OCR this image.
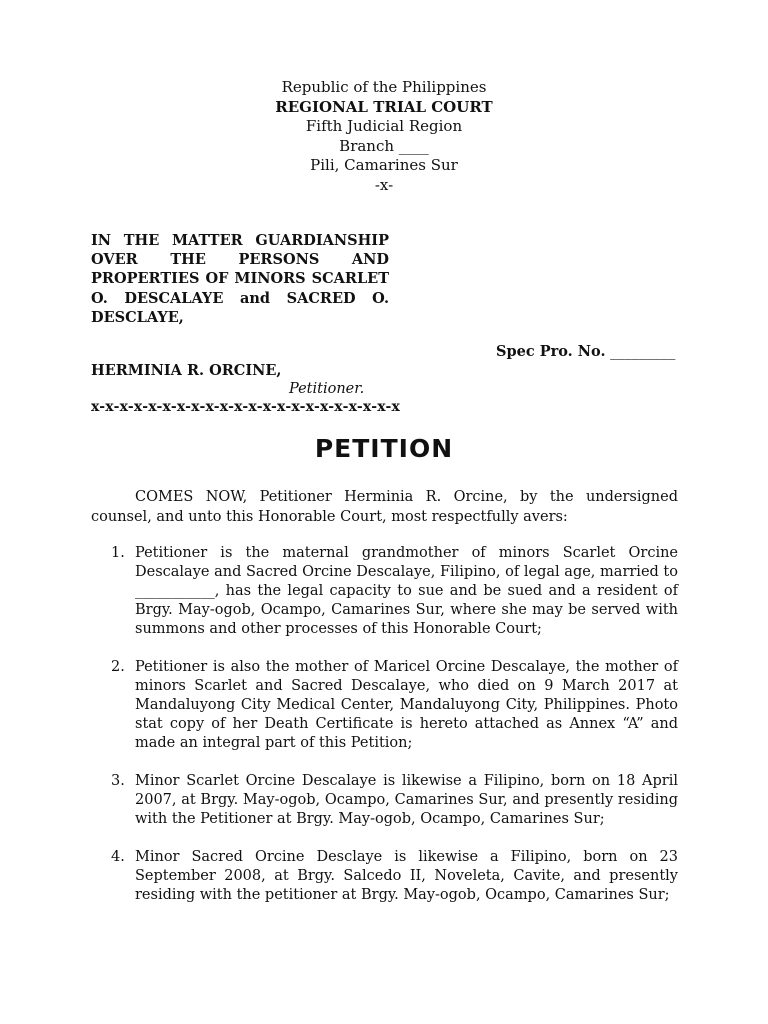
Republic of the Philippines
REGIONAL TRIAL COURT
Fifth Judicial Region
Branch ____
Pili, Camarines Sur
-x-
IN THE MATTER GUARDIANSHIP OVER THE PERSONS AND PROPERTIES OF MINORS SCARLET O. DESCALAYE and SACRED O. DESCLAYE,
Spec Pro. No. _________
HERMINIA R. ORCINE,
Petitioner.
x-x-x-x-x-x-x-x-x-x-x-x-x-x-x-x-x-x-x-x-x-x
PETITION
COMES NOW, Petitioner Herminia R. Orcine, by the undersigned counsel, and unto this Honorable Court, most respectfully avers:
1. Petitioner is the maternal grandmother of minors Scarlet Orcine Descalaye and Sacred Orcine Descalaye, Filipino, of legal age, married to ___________, has the legal capacity to sue and be sued and a resident of Brgy. May-ogob, Ocampo, Camarines Sur, where she may be served with summons and other processes of this Honorable Court;
2. Petitioner is also the mother of Maricel Orcine Descalaye, the mother of minors Scarlet and Sacred Descalaye, who died on 9 March 2017 at Mandaluyong City Medical Center, Mandaluyong City, Philippines. Photo stat copy of her Death Certificate is hereto attached as Annex “A” and made an integral part of this Petition;
3. Minor Scarlet Orcine Descalaye is likewise a Filipino, born on 18 April 2007, at Brgy. May-ogob, Ocampo, Camarines Sur, and presently residing with the Petitioner at Brgy. May-ogob, Ocampo, Camarines Sur;
4. Minor Sacred Orcine Desclaye is likewise a Filipino, born on 23 September 2008, at Brgy. Salcedo II, Noveleta, Cavite, and presently residing with the petitioner at Brgy. May-ogob, Ocampo, Camarines Sur;
